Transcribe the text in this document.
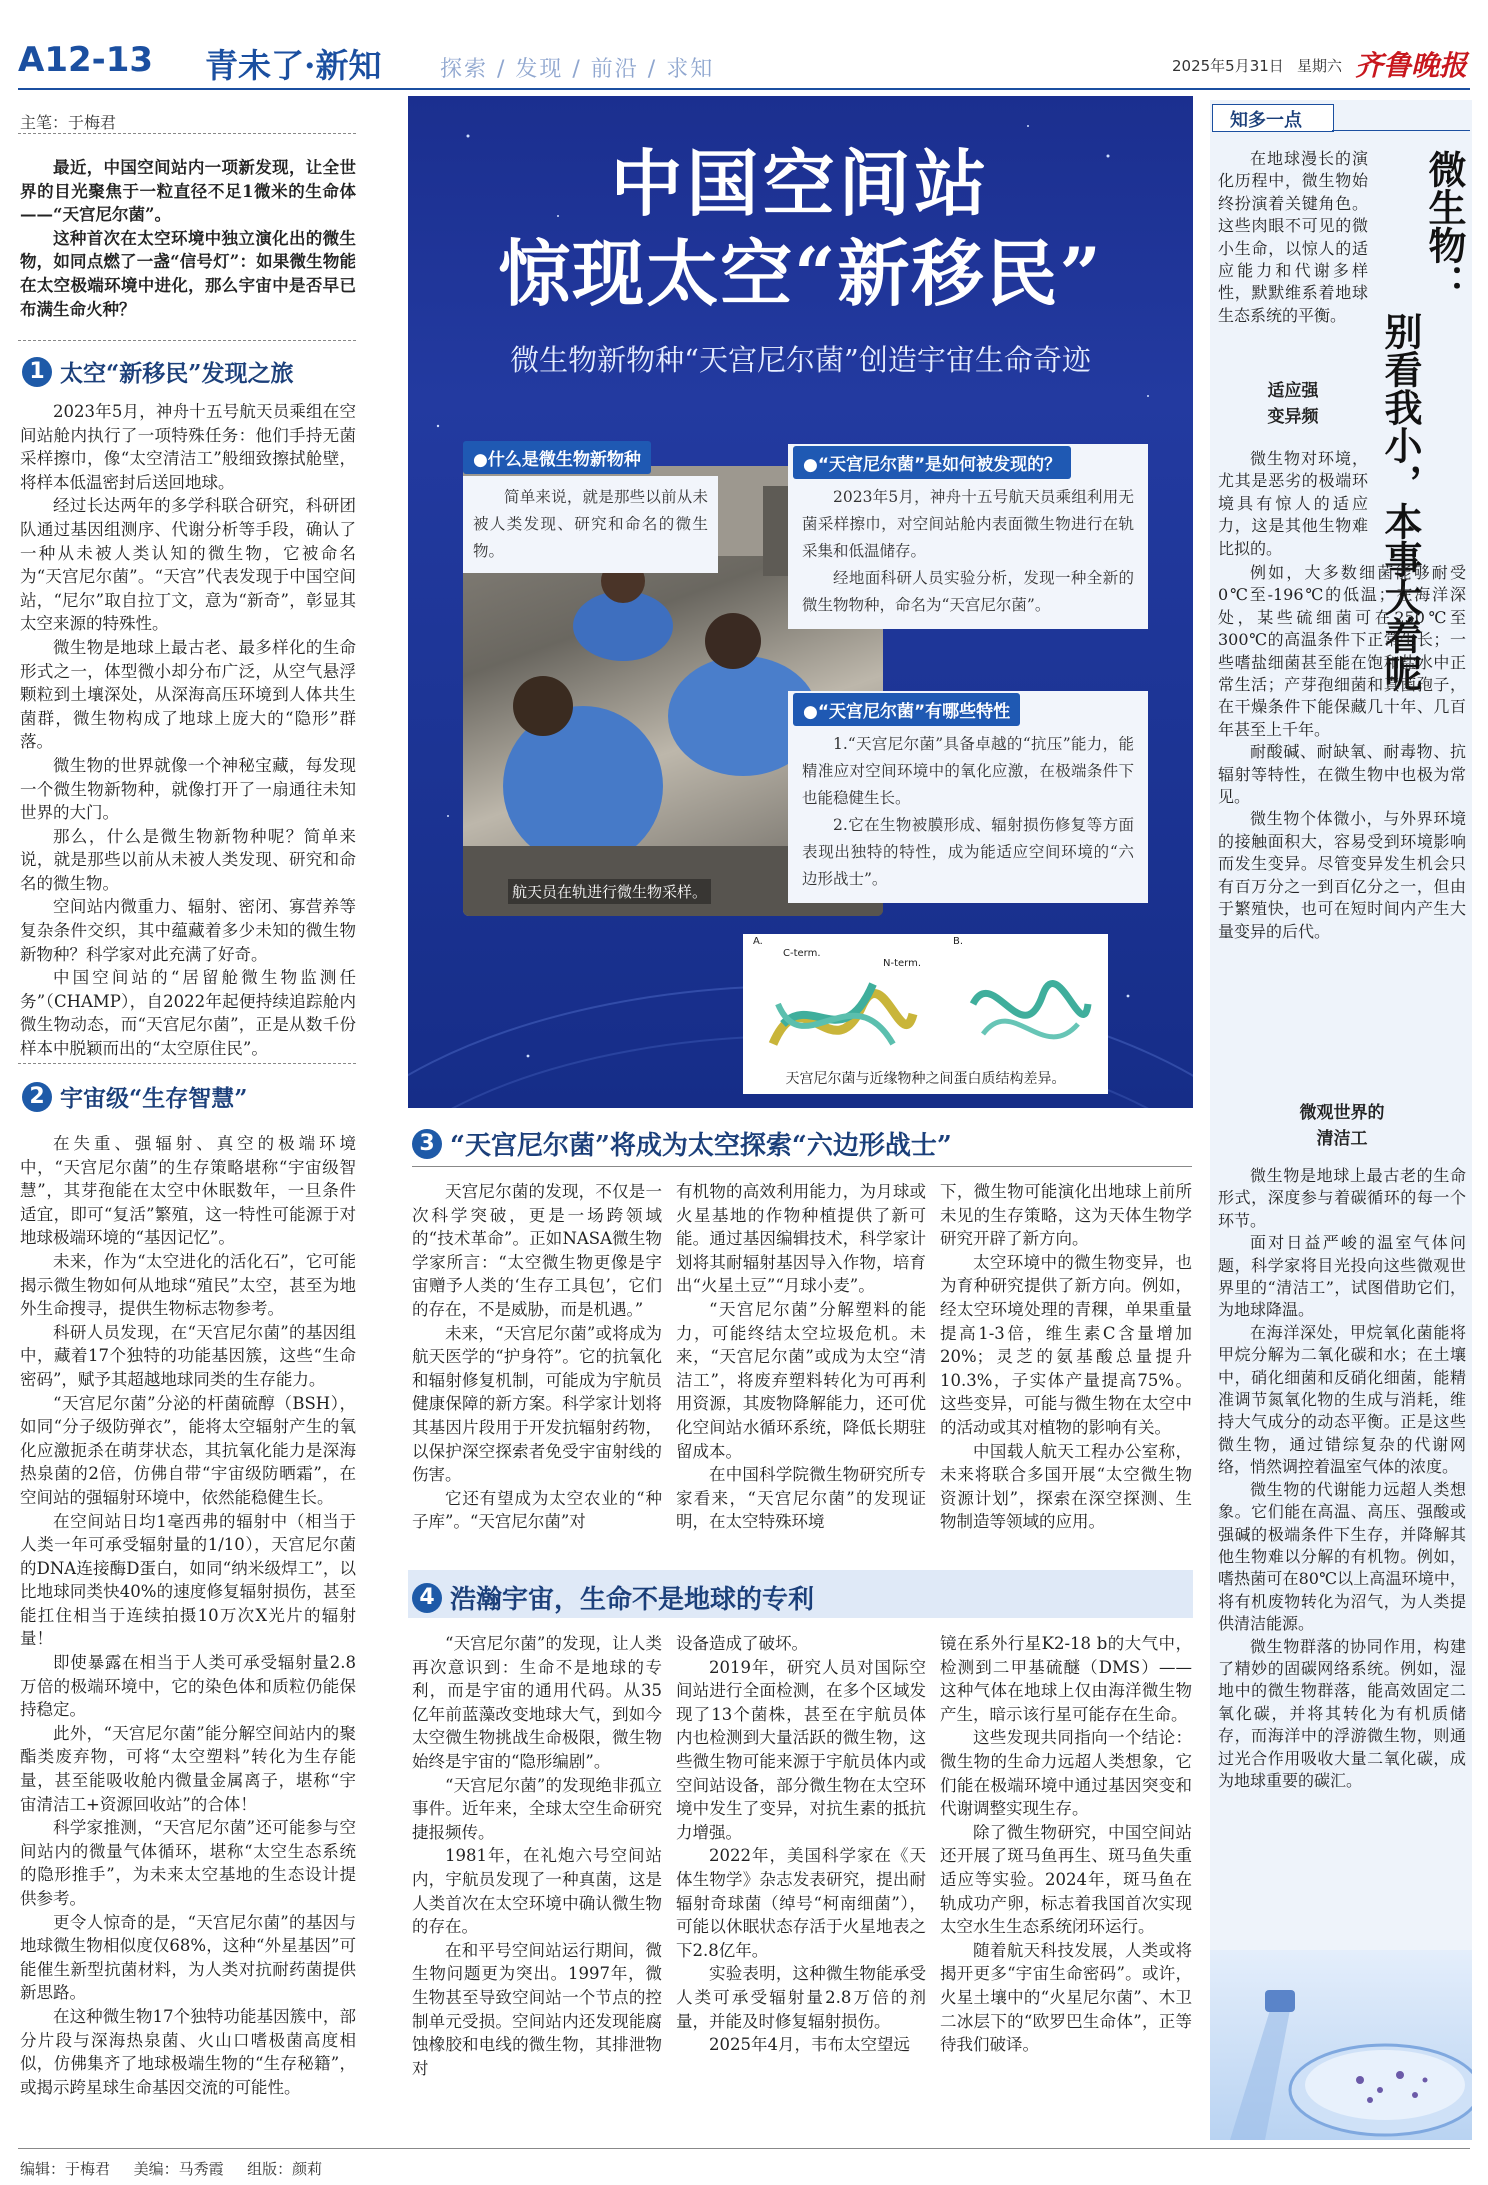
A12-13 青未了·新知	探索 / 发现 / 前沿 / 求知	2025年5月31日 星期六 齐鲁晚报
主笔：于梅君

最近，中国空间站内一项新发现，让全世界的目光聚焦于一粒直径不足1微米的生命体——“天宫尼尔菌”。

这种首次在太空环境中独立演化出的微生物，如同点燃了一盏“信号灯”：如果微生物能在太空极端环境中进化，那么宇宙中是否早已布满生命火种？

1 太空“新移民”发现之旅

2023年5月，神舟十五号航天员乘组在空间站舱内执行了一项特殊任务：他们手持无菌采样擦巾，像“太空清洁工”般细致擦拭舱壁，将样本低温密封后送回地球。

经过长达两年的多学科联合研究，科研团队通过基因组测序、代谢分析等手段，确认了一种从未被人类认知的微生物，它被命名为“天宫尼尔菌”。“天宫”代表发现于中国空间站，“尼尔”取自拉丁文，意为“新奇”，彰显其太空来源的特殊性。

微生物是地球上最古老、最多样化的生命形式之一，体型微小却分布广泛，从空气悬浮颗粒到土壤深处，从深海高压环境到人体共生菌群，微生物构成了地球上庞大的“隐形”群落。

微生物的世界就像一个神秘宝藏，每发现一个微生物新物种，就像打开了一扇通往未知世界的大门。

那么，什么是微生物新物种呢？简单来说，就是那些以前从未被人类发现、研究和命名的微生物。

空间站内微重力、辐射、密闭、寡营养等复杂条件交织，其中蕴藏着多少未知的微生物新物种？科学家对此充满了好奇。

中国空间站的“居留舱微生物监测任务”（CHAMP），自2022年起便持续追踪舱内微生物动态，而“天宫尼尔菌”，正是从数千份样本中脱颖而出的“太空原住民”。

2 宇宙级“生存智慧”

在失重、强辐射、真空的极端环境中，“天宫尼尔菌”的生存策略堪称“宇宙级智慧”，其芽孢能在太空中休眠数年，一旦条件适宜，即可“复活”繁殖，这一特性可能源于对地球极端环境的“基因记忆”。

未来，作为“太空进化的活化石”，它可能揭示微生物如何从地球“殖民”太空，甚至为地外生命搜寻，提供生物标志物参考。

科研人员发现，在“天宫尼尔菌”的基因组中，藏着17个独特的功能基因簇，这些“生命密码”，赋予其超越地球同类的生存能力。

“天宫尼尔菌”分泌的杆菌硫醇（BSH），如同“分子级防弹衣”，能将太空辐射产生的氧化应激扼杀在萌芽状态，其抗氧化能力是深海热泉菌的2倍，仿佛自带“宇宙级防晒霜”，在空间站的强辐射环境中，依然能稳健生长。

在空间站日均1毫西弗的辐射中（相当于人类一年可承受辐射量的1/10），天宫尼尔菌的DNA连接酶D蛋白，如同“纳米级焊工”，以比地球同类快40%的速度修复辐射损伤，甚至能扛住相当于连续拍摄10万次X光片的辐射量！

即使暴露在相当于人类可承受辐射量2.8万倍的极端环境中，它的染色体和质粒仍能保持稳定。

此外，“天宫尼尔菌”能分解空间站内的聚酯类废弃物，可将“太空塑料”转化为生存能量，甚至能吸收舱内微量金属离子，堪称“宇宙清洁工+资源回收站”的合体！

科学家推测，“天宫尼尔菌”还可能参与空间站内的微量气体循环，堪称“太空生态系统的隐形推手”，为未来太空基地的生态设计提供参考。

更令人惊奇的是，“天宫尼尔菌”的基因与地球微生物相似度仅68%，这种“外星基因”可能催生新型抗菌材料，为人类对抗耐药菌提供新思路。

在这种微生物17个独特功能基因簇中，部分片段与深海热泉菌、火山口嗜极菌高度相似，仿佛集齐了地球极端生物的“生存秘籍”，或揭示跨星球生命基因交流的可能性。

中国空间站
惊现太空“新移民”
微生物新物种“天宫尼尔菌”创造宇宙生命奇迹
航天员在轨进行微生物采样。
●什么是微生物新物种

简单来说，就是那些以前从未被人类发现、研究和命名的微生物。

2023年5月，神舟十五号航天员乘组利用无菌采样擦巾，对空间站舱内表面微生物进行在轨采集和低温储存。

经地面科研人员实验分析，发现一种全新的微生物物种，命名为“天宫尼尔菌”。

●“天宫尼尔菌”是如何被发现的？

1.“天宫尼尔菌”具备卓越的“抗压”能力，能精准应对空间环境中的氧化应激，在极端条件下也能稳健生长。

2.它在生物被膜形成、辐射损伤修复等方面表现出独特的特性，成为能适应空间环境的“六边形战士”。

●“天宫尼尔菌”有哪些特性
A.
C-term.
N-term.
B.
天宫尼尔菌与近缘物种之间蛋白质结构差异。
3 “天宫尼尔菌”将成为太空探索“六边形战士”

天宫尼尔菌的发现，不仅是一次科学突破，更是一场跨领域的“技术革命”。正如NASA微生物学家所言：“太空微生物更像是宇宙赠予人类的‘生存工具包’，它们的存在，不是威胁，而是机遇。”

未来，“天宫尼尔菌”或将成为航天医学的“护身符”。它的抗氧化和辐射修复机制，可能成为宇航员健康保障的新方案。科学家计划将其基因片段用于开发抗辐射药物，以保护深空探索者免受宇宙射线的伤害。

它还有望成为太空农业的“种子库”。“天宫尼尔菌”对

有机物的高效利用能力，为月球或火星基地的作物种植提供了新可能。通过基因编辑技术，科学家计划将其耐辐射基因导入作物，培育出“火星土豆”“月球小麦”。

“天宫尼尔菌”分解塑料的能力，可能终结太空垃圾危机。未来，“天宫尼尔菌”或成为太空“清洁工”，将废弃塑料转化为可再利用资源，其废物降解能力，还可优化空间站水循环系统，降低长期驻留成本。

在中国科学院微生物研究所专家看来，“天宫尼尔菌”的发现证明，在太空特殊环境

下，微生物可能演化出地球上前所未见的生存策略，这为天体生物学研究开辟了新方向。

太空环境中的微生物变异，也为育种研究提供了新方向。例如，经太空环境处理的青稞，单果重量提高1-3倍，维生素C含量增加20%；灵芝的氨基酸总量提升10.3%，子实体产量提高75%。这些变异，可能与微生物在太空中的活动或其对植物的影响有关。

中国载人航天工程办公室称，未来将联合多国开展“太空微生物资源计划”，探索在深空探测、生物制造等领域的应用。

4 浩瀚宇宙，生命不是地球的专利

“天宫尼尔菌”的发现，让人类再次意识到：生命不是地球的专利，而是宇宙的通用代码。从35亿年前蓝藻改变地球大气，到如今太空微生物挑战生命极限，微生物始终是宇宙的“隐形编剧”。

“天宫尼尔菌”的发现绝非孤立事件。近年来，全球太空生命研究捷报频传。

1981年，在礼炮六号空间站内，宇航员发现了一种真菌，这是人类首次在太空环境中确认微生物的存在。

在和平号空间站运行期间，微生物问题更为突出。1997年，微生物甚至导致空间站一个节点的控制单元受损。空间站内还发现能腐蚀橡胶和电线的微生物，其排泄物对

设备造成了破坏。

2019年，研究人员对国际空间站进行全面检测，在多个区域发现了13个菌株，甚至在宇航员体内也检测到大量活跃的微生物，这些微生物可能来源于宇航员体内或空间站设备，部分微生物在太空环境中发生了变异，对抗生素的抵抗力增强。

2022年，美国科学家在《天体生物学》杂志发表研究，提出耐辐射奇球菌（绰号“柯南细菌”），可能以休眠状态存活于火星地表之下2.8亿年。

实验表明，这种微生物能承受人类可承受辐射量2.8万倍的剂量，并能及时修复辐射损伤。

2025年4月，韦布太空望远

镜在系外行星K2-18 b的大气中，检测到二甲基硫醚（DMS）——这种气体在地球上仅由海洋微生物产生，暗示该行星可能存在生命。

这些发现共同指向一个结论：微生物的生命力远超人类想象，它们能在极端环境中通过基因突变和代谢调整实现生存。

除了微生物研究，中国空间站还开展了斑马鱼再生、斑马鱼失重适应等实验。2024年，斑马鱼在轨成功产卵，标志着我国首次实现太空水生生态系统闭环运行。

随着航天科技发展，人类或将揭开更多“宇宙生命密码”。或许，火星土壤中的“火星尼尔菌”、木卫二冰层下的“欧罗巴生命体”，正等待我们破译。

知多一点
微生物：
别看我小，本事大着呢

在地球漫长的演化历程中，微生物始终扮演着关键角色。这些肉眼不可见的微小生命，以惊人的适应能力和代谢多样性，默默维系着地球生态系统的平衡。

适应强
变异频

微生物对环境，尤其是恶劣的极端环境具有惊人的适应力，这是其他生物难比拟的。

例如，大多数细菌能够耐受0℃至-196℃的低温；在海洋深处，某些硫细菌可在250℃至300℃的高温条件下正常生长；一些嗜盐细菌甚至能在饱和盐水中正常生活；产芽孢细菌和真菌孢子，在干燥条件下能保藏几十年、几百年甚至上千年。

耐酸碱、耐缺氧、耐毒物、抗辐射等特性，在微生物中也极为常见。

微生物个体微小，与外界环境的接触面积大，容易受到环境影响而发生变异。尽管变异发生机会只有百万分之一到百亿分之一，但由于繁殖快，也可在短时间内产生大量变异的后代。

微观世界的
清洁工

微生物是地球上最古老的生命形式，深度参与着碳循环的每一个环节。

面对日益严峻的温室气体问题，科学家将目光投向这些微观世界里的“清洁工”，试图借助它们，为地球降温。

在海洋深处，甲烷氧化菌能将甲烷分解为二氧化碳和水；在土壤中，硝化细菌和反硝化细菌，能精准调节氮氧化物的生成与消耗，维持大气成分的动态平衡。正是这些微生物，通过错综复杂的代谢网络，悄然调控着温室气体的浓度。

微生物的代谢能力远超人类想象。它们能在高温、高压、强酸或强碱的极端条件下生存，并降解其他生物难以分解的有机物。例如，嗜热菌可在80℃以上高温环境中，将有机废物转化为沼气，为人类提供清洁能源。

微生物群落的协同作用，构建了精妙的固碳网络系统。例如，湿地中的微生物群落，能高效固定二氧化碳，并将其转化为有机质储存，而海洋中的浮游微生物，则通过光合作用吸收大量二氧化碳，成为地球重要的碳汇。

编辑：于梅君 美编：马秀霞 组版：颜莉
